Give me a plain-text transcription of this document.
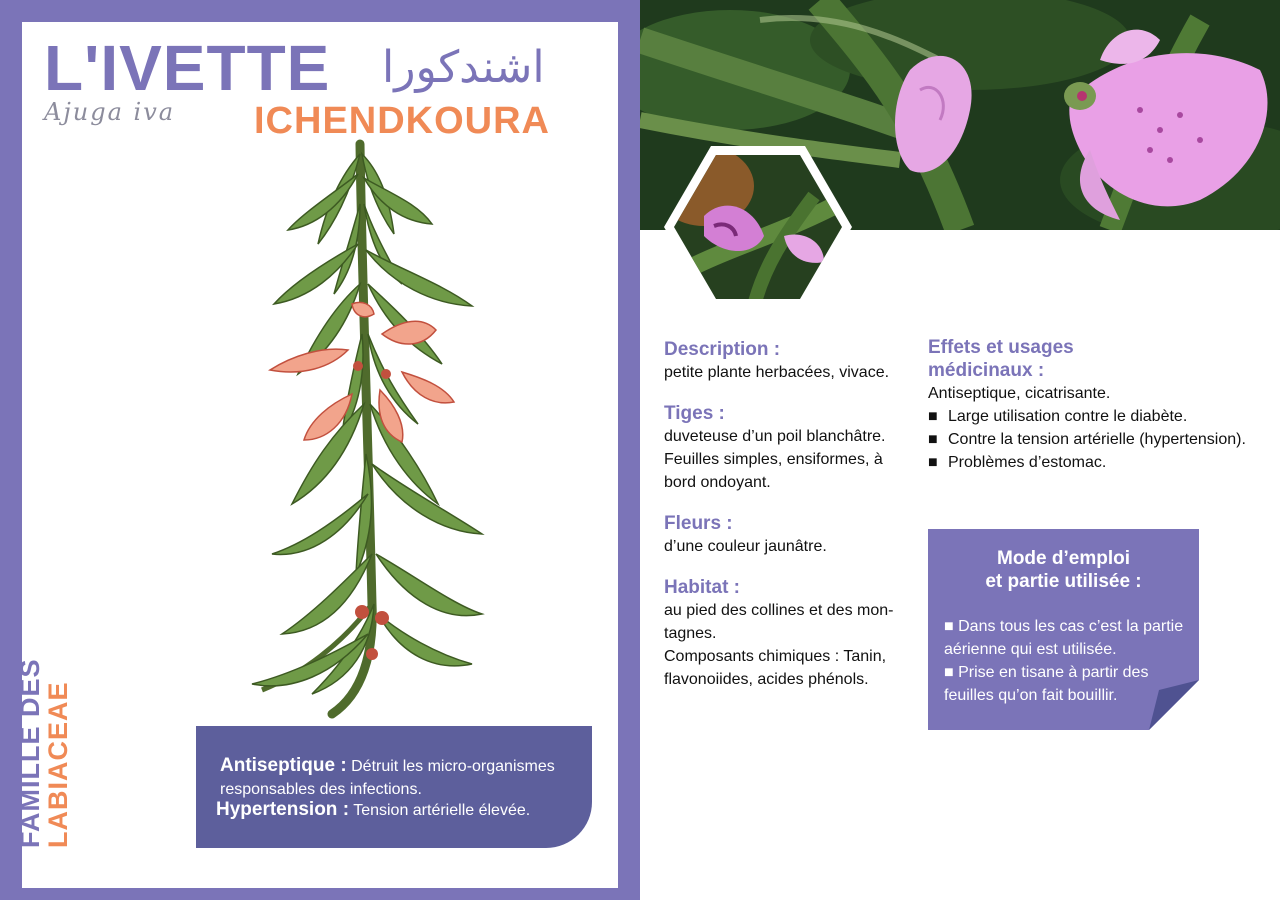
L'IVETTE اشندكورا
Ajuga iva ICHENDKOURA
Antiseptique : Détruit les micro-organismes responsables des infections.
Hypertension : Tension artérielle élevée.
FAMILLE DES
LABIACEAE

Description :

petite plante herbacées, vivace.

Tiges :

duveteuse d’un poil blanchâtre.
Feuilles simples, ensiformes, à bord ondoyant.

Fleurs :

d’une couleur jaunâtre.

Habitat :

au pied des collines et des mon-tagnes.
Composants chimiques : Tanin, flavonoiides, acides phénols.

Effets et usages médicinaux :

Antiseptique, cicatrisante.
■ Large utilisation contre le diabète.
■ Contre la tension artérielle (hypertension).
■ Problèmes d’estomac.
Mode d’emploi
et partie utilisée :
■ Dans tous les cas c’est la partie aérienne qui est utilisée.
■ Prise en tisane à partir des feuilles qu’on fait bouillir.
